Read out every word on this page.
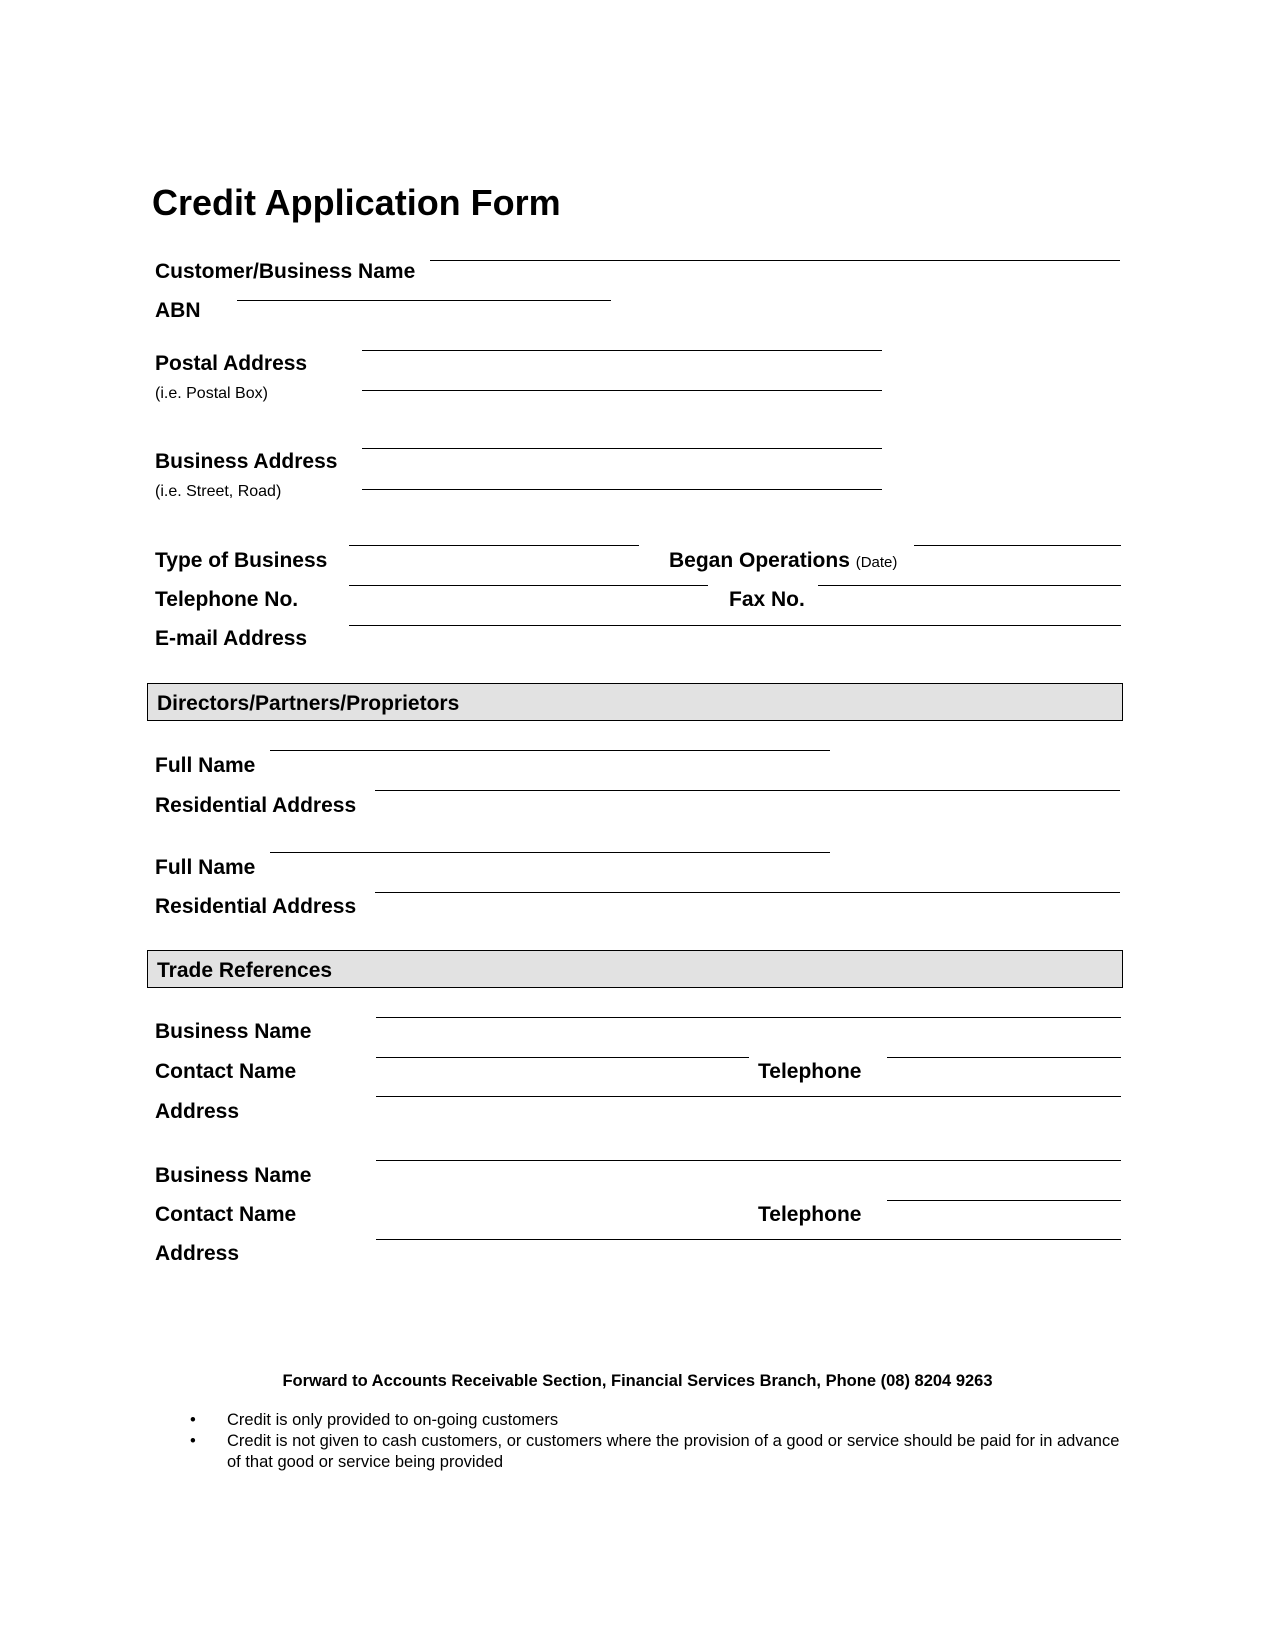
Credit Application Form
Customer/Business Name
ABN
Postal Address
(i.e. Postal Box)
Business Address
(i.e. Street, Road)
Type of Business	Began Operations (Date)
Telephone No.	Fax No.
E-mail Address
Directors/Partners/Proprietors
Full Name
Residential Address
Full Name
Residential Address
Trade References
Business Name
Contact Name	Telephone
Address
Business Name
Contact Name	Telephone
Address
Forward to Accounts Receivable Section, Financial Services Branch, Phone (08) 8204 9263
• Credit is only provided to on-going customers
• Credit is not given to cash customers, or customers where the provision of a good or service should be paid for in advance of that good or service being provided
